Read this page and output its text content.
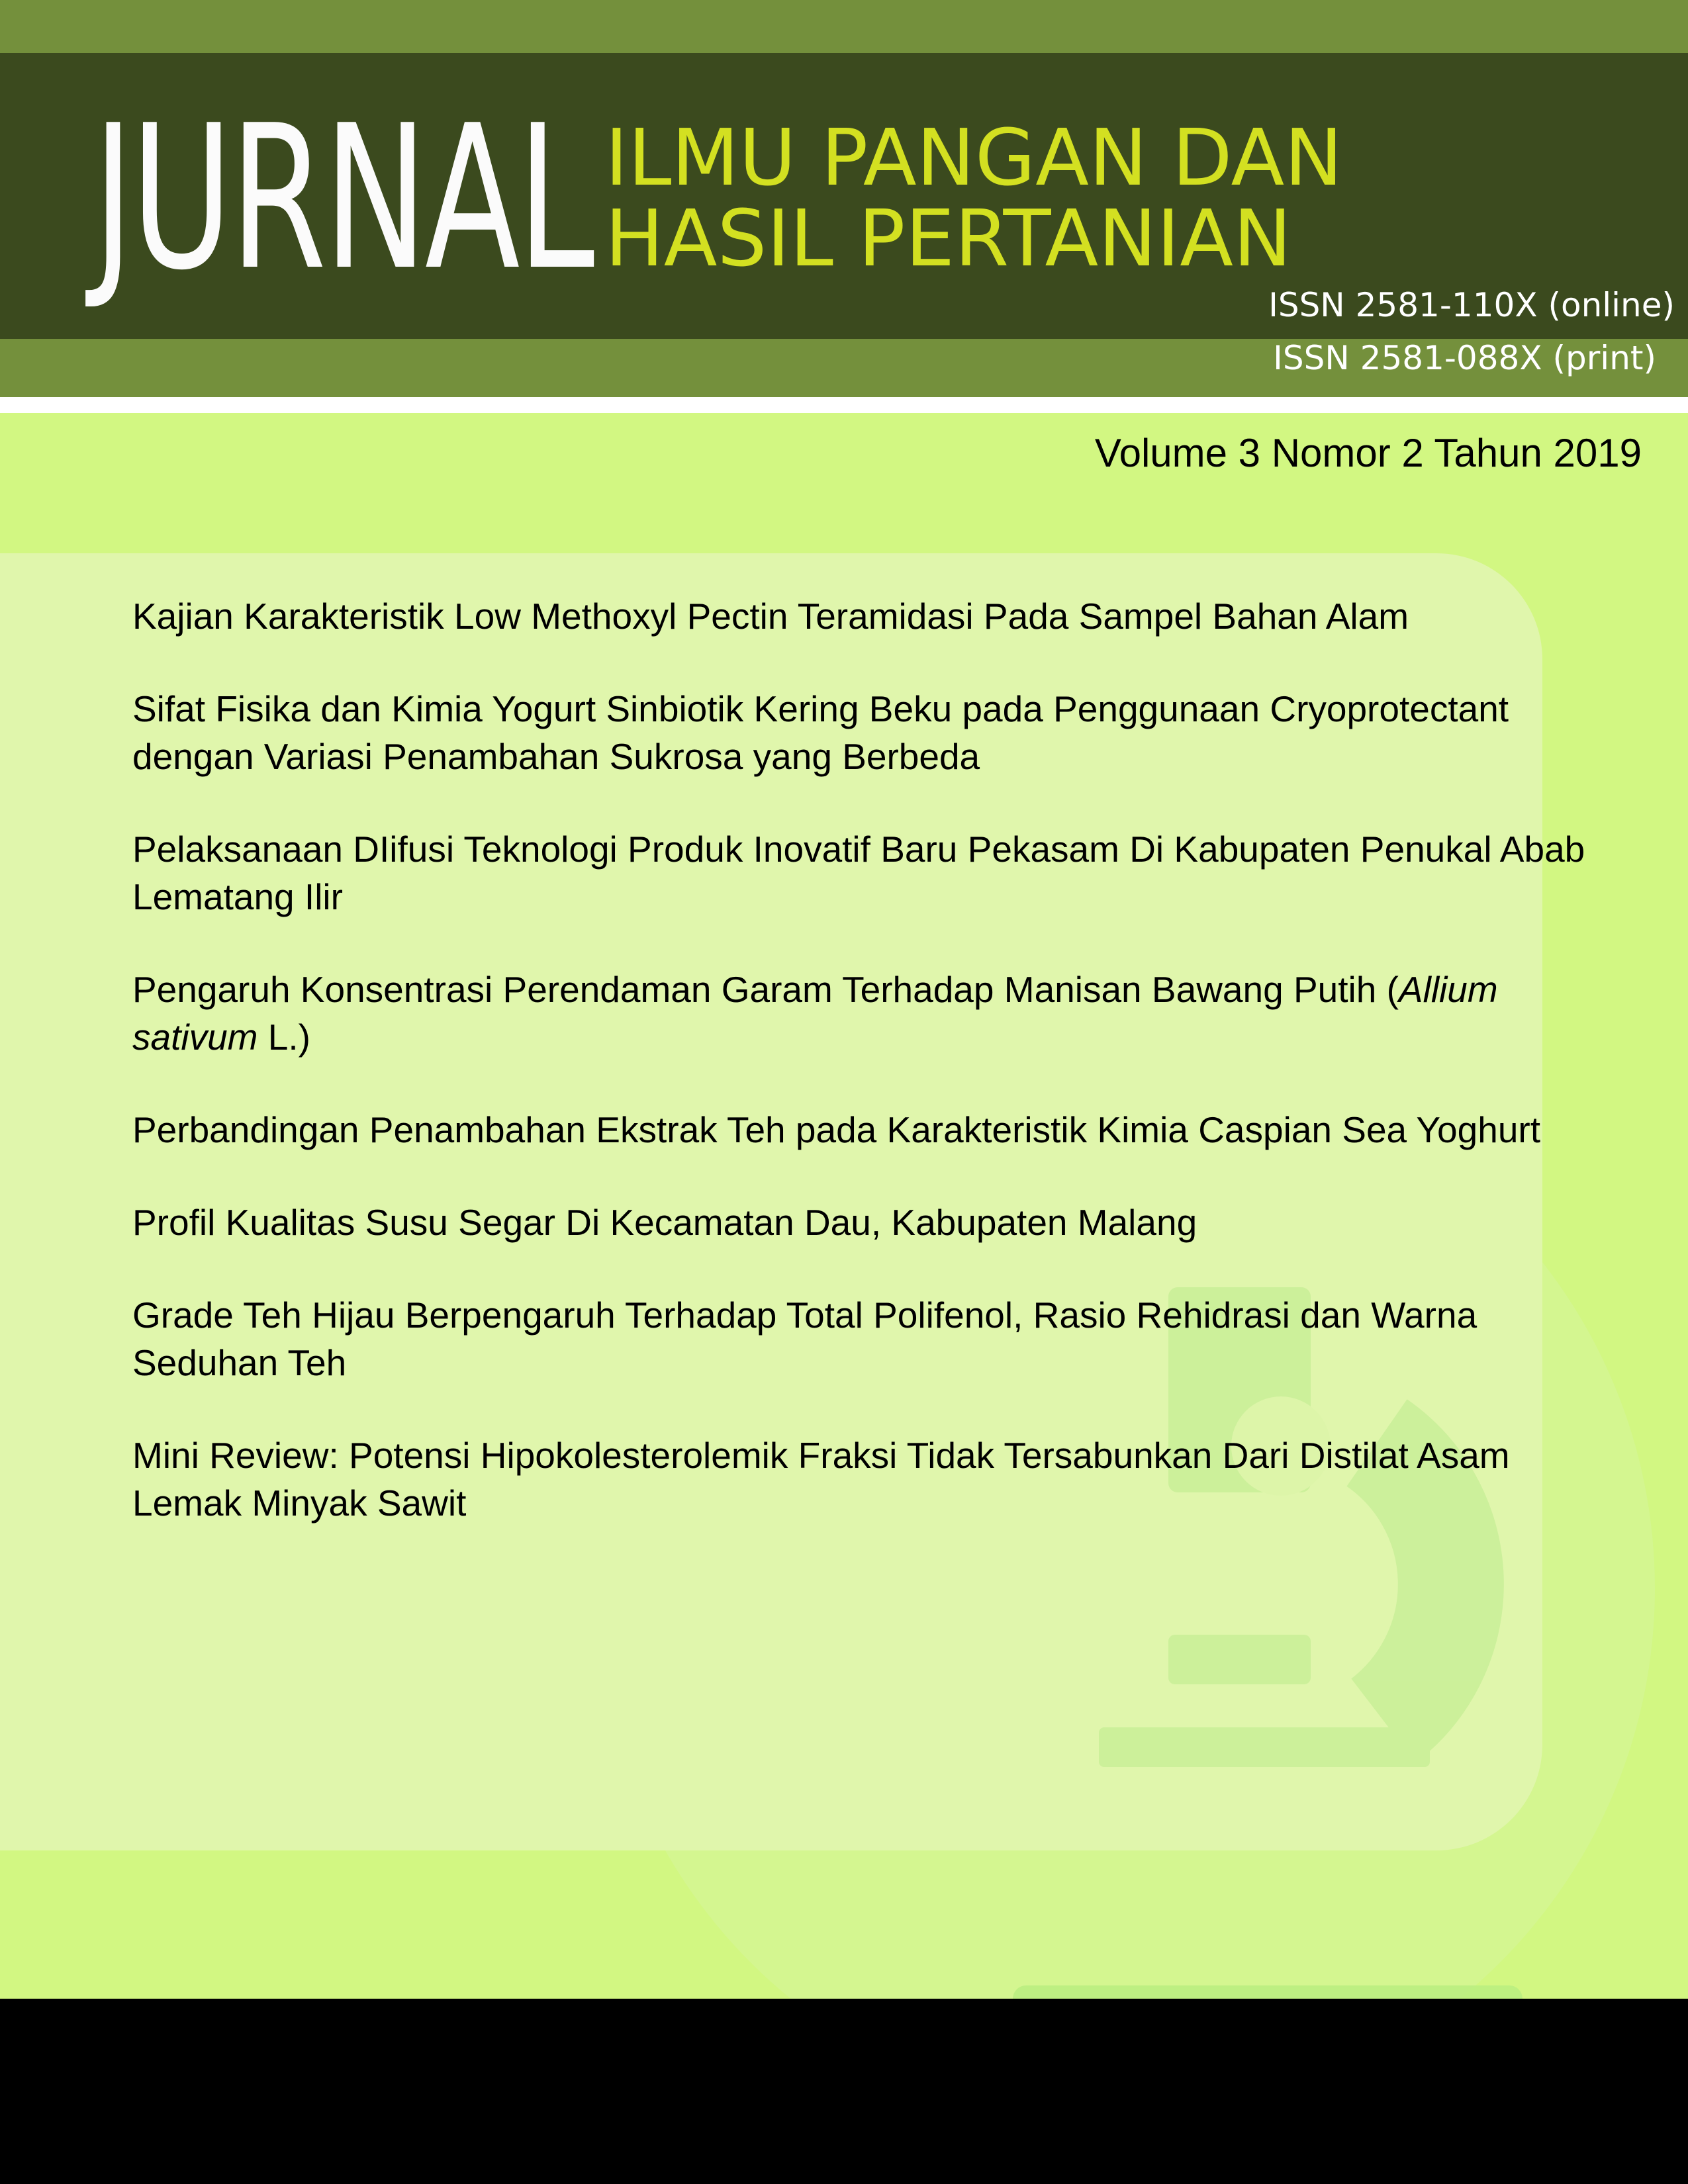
JURNAL ILMU PANGAN DAN
HASIL PERTANIAN
ISSN 2581-110X (online)
ISSN 2581-088X (print)
Volume 3 Nomor 2 Tahun 2019
Kajian Karakteristik Low Methoxyl Pectin Teramidasi Pada Sampel Bahan Alam
Sifat Fisika dan Kimia Yogurt Sinbiotik Kering Beku pada Penggunaan Cryoprotectant dengan Variasi Penambahan Sukrosa yang Berbeda
Pelaksanaan DIifusi Teknologi Produk Inovatif Baru Pekasam Di Kabupaten Penukal Abab Lematang Ilir
Pengaruh Konsentrasi Perendaman Garam Terhadap Manisan Bawang Putih (Allium sativum L.)
Perbandingan Penambahan Ekstrak Teh pada Karakteristik Kimia Caspian Sea Yoghurt
Profil Kualitas Susu Segar Di Kecamatan Dau, Kabupaten Malang
Grade Teh Hijau Berpengaruh Terhadap Total Polifenol, Rasio Rehidrasi dan Warna Seduhan Teh
Mini Review: Potensi Hipokolesterolemik Fraksi Tidak Tersabunkan Dari Distilat Asam Lemak Minyak Sawit
